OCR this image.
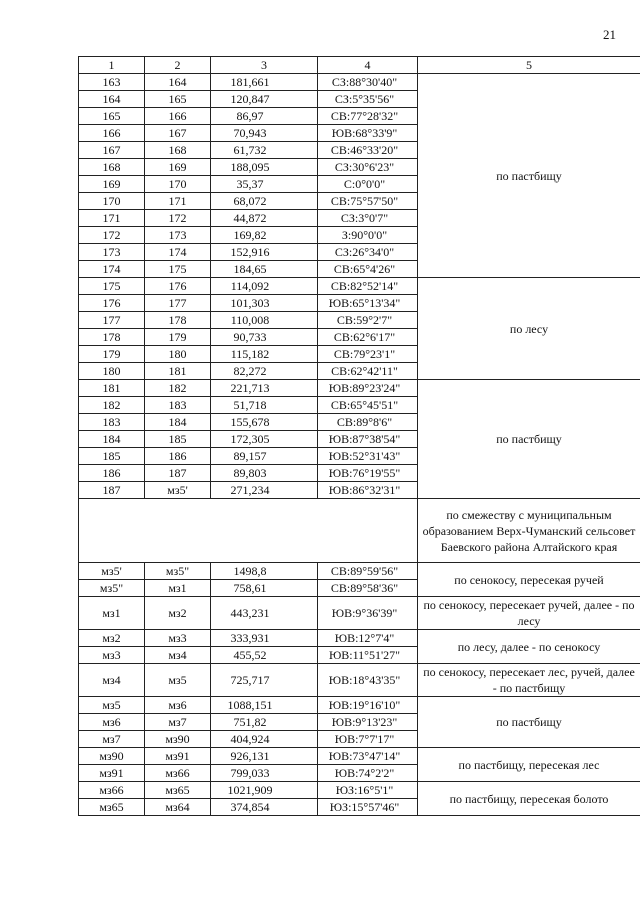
21
1	2	3	4	5
163	164	181,661	СЗ:88°30'40"	по пастбищу
164	165	120,847	СЗ:5°35'56"	
165	166	86,97	СВ:77°28'32"	
166	167	70,943	ЮВ:68°33'9"	
167	168	61,732	СВ:46°33'20"	
168	169	188,095	СЗ:30°6'23"	
169	170	35,37	С:0°0'0"	
170	171	68,072	СВ:75°57'50"	
171	172	44,872	СЗ:3°0'7"	
172	173	169,82	З:90°0'0"	
173	174	152,916	СЗ:26°34'0"	
174	175	184,65	СВ:65°4'26"	
175	176	114,092	СВ:82°52'14"	по лесу
176	177	101,303	ЮВ:65°13'34"	
177	178	110,008	СВ:59°2'7"	
178	179	90,733	СВ:62°6'17"	
179	180	115,182	СВ:79°23'1"	
180	181	82,272	СВ:62°42'11"	
181	182	221,713	ЮВ:89°23'24"	по пастбищу
182	183	51,718	СВ:65°45'51"	
183	184	155,678	СВ:89°8'6"	
184	185	172,305	ЮВ:87°38'54"	
185	186	89,157	ЮВ:52°31'43"	
186	187	89,803	ЮВ:76°19'55"	
187	мз5'	271,234	ЮВ:86°32'31"	
				по смежеству с муниципальным образованием Верх-Чуманский сельсовет Баевского района Алтайского края
мз5'	мз5"	1498,8	СВ:89°59'56"	по сенокосу, пересекая ручей
мз5"	мз1	758,61	СВ:89°58'36"	
мз1	мз2	443,231	ЮВ:9°36'39"	по сенокосу, пересекает ручей, далее - по лесу
мз2	мз3	333,931	ЮВ:12°7'4"	по лесу, далее - по сенокосу
мз3	мз4	455,52	ЮВ:11°51'27"	
мз4	мз5	725,717	ЮВ:18°43'35"	по сенокосу, пересекает лес, ручей, далее - по пастбищу
мз5	мз6	1088,151	ЮВ:19°16'10"	по пастбищу
мз6	мз7	751,82	ЮВ:9°13'23"	
мз7	мз90	404,924	ЮВ:7°7'17"	
мз90	мз91	926,131	ЮВ:73°47'14"	по пастбищу, пересекая лес
мз91	мз66	799,033	ЮВ:74°2'2"	
мз66	мз65	1021,909	ЮЗ:16°5'1"	по пастбищу, пересекая болото
мз65	мз64	374,854	ЮЗ:15°57'46"	
